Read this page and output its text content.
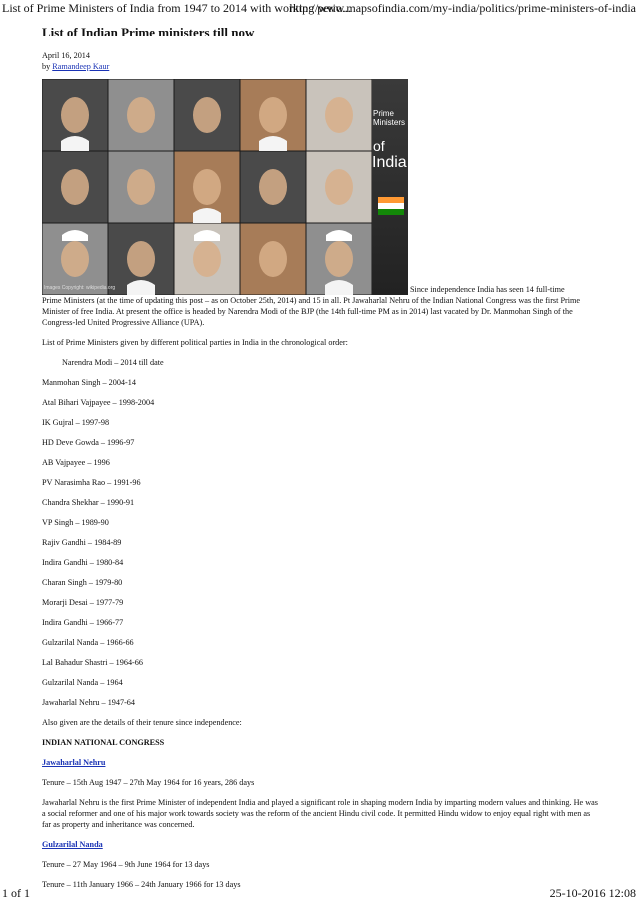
List of Prime Ministers of India from 1947 to 2014 with working perio...
http://www.mapsofindia.com/my-india/politics/prime-ministers-of-india
List of Indian Prime ministers till now

April 16, 2014

by Ramandeep Kaur

Prime Ministers
of
India
Images Copyright: wikipedia.org	Since independence India has seen 14 full-time

Prime Ministers (at the time of updating this post – as on October 25th, 2014) and 15 in all. Pt Jawaharlal Nehru of the Indian National Congress was the first Prime Minister of free India. At present the office is headed by Narendra Modi of the BJP (the 14th full-time PM as in 2014) last vacated by Dr. Manmohan Singh of the Congress-led United Progressive Alliance (UPA).

List of Prime Ministers given by different political parties in India in the chronological order:

Narendra Modi – 2014 till date

Manmohan Singh – 2004-14

Atal Bihari Vajpayee – 1998-2004

IK Gujral – 1997-98

HD Deve Gowda – 1996-97

AB Vajpayee – 1996

PV Narasimha Rao – 1991-96

Chandra Shekhar – 1990-91

VP Singh – 1989-90

Rajiv Gandhi – 1984-89

Indira Gandhi – 1980-84

Charan Singh – 1979-80

Morarji Desai – 1977-79

Indira Gandhi – 1966-77

Gulzarilal Nanda – 1966-66

Lal Bahadur Shastri – 1964-66

Gulzarilal Nanda – 1964

Jawaharlal Nehru – 1947-64

Also given are the details of their tenure since independence:

INDIAN NATIONAL CONGRESS

Jawaharlal Nehru

Tenure – 15th Aug 1947 – 27th May 1964 for 16 years, 286 days

Jawaharlal Nehru is the first Prime Minister of independent India and played a significant role in shaping modern India by imparting modern values and thinking. He was a social reformer and one of his major work towards society was the reform of the ancient Hindu civil code. It permitted Hindu widow to enjoy equal right with men as far as property and inheritance was concerned.

Gulzarilal Nanda

Tenure – 27 May 1964 – 9th June 1964 for 13 days

Tenure – 11th January 1966 – 24th January 1966 for 13 days

1 of 1	25-10-2016 12:08
